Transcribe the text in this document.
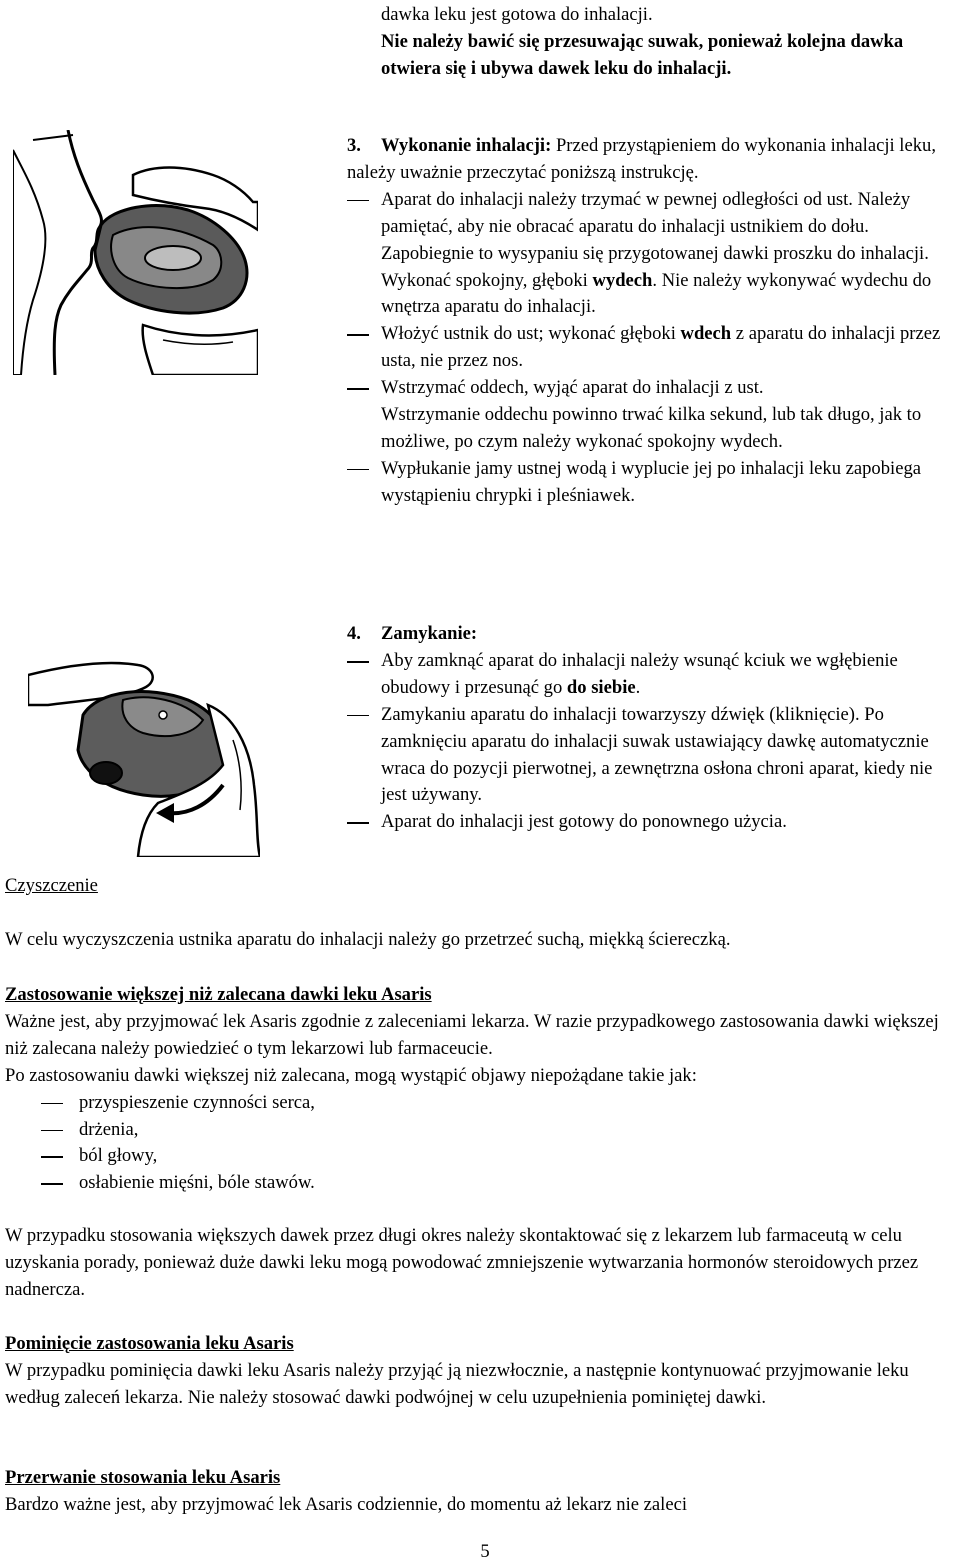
dawka leku jest gotowa do inhalacji.

Nie należy bawić się przesuwając suwak, ponieważ kolejna dawka otwiera się i ubywa dawek leku do inhalacji.

3. Wykonanie inhalacji: Przed przystąpieniem do wykonania inhalacji leku, należy uważnie przeczytać poniższą instrukcję.

Aparat do inhalacji należy trzymać w pewnej odległości od ust. Należy pamiętać, aby nie obracać aparatu do inhalacji ustnikiem do dołu. Zapobiegnie to wysypaniu się przygotowanej dawki proszku do inhalacji.

Wykonać spokojny, głęboki wydech. Nie należy wykonywać wydechu do wnętrza aparatu do inhalacji.

Włożyć ustnik do ust; wykonać głęboki wdech z aparatu do inhalacji przez usta, nie przez nos.

Wstrzymać oddech, wyjąć aparat do inhalacji z ust.

Wstrzymanie oddechu powinno trwać kilka sekund, lub tak długo, jak to możliwe, po czym należy wykonać spokojny wydech.

Wypłukanie jamy ustnej wodą i wyplucie jej po inhalacji leku zapobiega wystąpieniu chrypki i pleśniawek.

4. Zamykanie:

Aby zamknąć aparat do inhalacji należy wsunąć kciuk we wgłębienie obudowy i przesunąć go do siebie.

Zamykaniu aparatu do inhalacji towarzyszy dźwięk (kliknięcie). Po zamknięciu aparatu do inhalacji suwak ustawiający dawkę automatycznie wraca do pozycji pierwotnej, a zewnętrzna osłona chroni aparat, kiedy nie jest używany.

Aparat do inhalacji jest gotowy do ponownego użycia.

Czyszczenie

W celu wyczyszczenia ustnika aparatu do inhalacji należy go przetrzeć suchą, miękką ściereczką.

Zastosowanie większej niż zalecana dawki leku Asaris

Ważne jest, aby przyjmować lek Asaris zgodnie z zaleceniami lekarza. W razie przypadkowego zastosowania dawki większej niż zalecana należy powiedzieć o tym lekarzowi lub farmaceucie.

Po zastosowaniu dawki większej niż zalecana, mogą wystąpić objawy niepożądane takie jak:

przyspieszenie czynności serca,

drżenia,

ból głowy,

osłabienie mięśni, bóle stawów.

W przypadku stosowania większych dawek przez długi okres należy skontaktować się z lekarzem lub farmaceutą w celu uzyskania porady, ponieważ duże dawki leku mogą powodować zmniejszenie wytwarzania hormonów steroidowych przez nadnercza.

Pominięcie zastosowania leku Asaris

W przypadku pominięcia dawki leku Asaris należy przyjąć ją niezwłocznie, a następnie kontynuować przyjmowanie leku według zaleceń lekarza. Nie należy stosować dawki podwójnej w celu uzupełnienia pominiętej dawki.

Przerwanie stosowania leku Asaris

Bardzo ważne jest, aby przyjmować lek Asaris codziennie, do momentu aż lekarz nie zaleci

5
